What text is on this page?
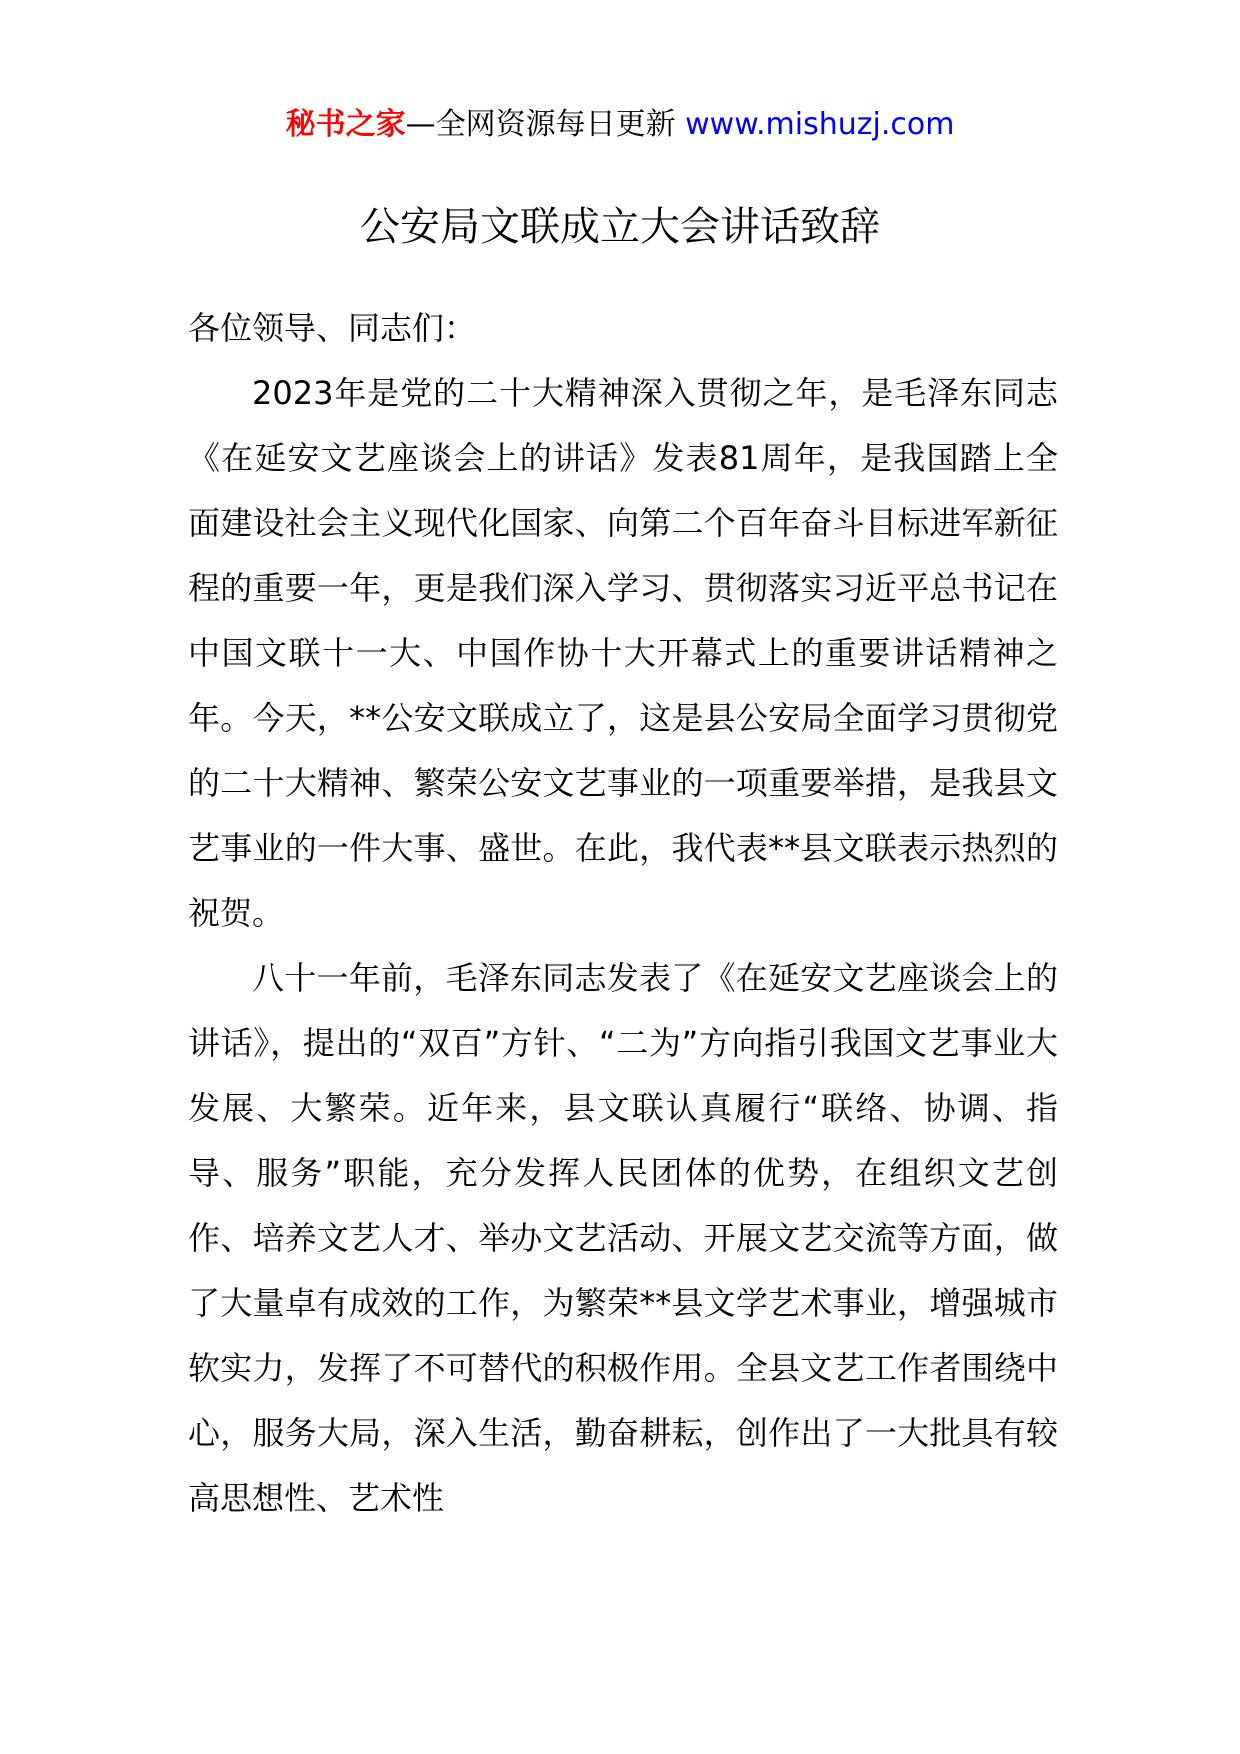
秘书之家—全网资源每日更新 www.mishuzj.com
公安局文联成立大会讲话致辞

各位领导、同志们：

2023年是党的二十大精神深入贯彻之年，是毛泽东同志《在延安文艺座谈会上的讲话》发表81周年，是我国踏上全面建设社会主义现代化国家、向第二个百年奋斗目标进军新征程的重要一年，更是我们深入学习、贯彻落实习近平总书记在中国文联十一大、中国作协十大开幕式上的重要讲话精神之年。今天，**公安文联成立了，这是县公安局全面学习贯彻党的二十大精神、繁荣公安文艺事业的一项重要举措，是我县文艺事业的一件大事、盛世。在此，我代表**县文联表示热烈的祝贺。

八十一年前，毛泽东同志发表了《在延安文艺座谈会上的讲话》，提出的“双百”方针、“二为”方向指引我国文艺事业大发展、大繁荣。近年来，县文联认真履行“联络、协调、指导、服务”职能，充分发挥人民团体的优势，在组织文艺创作、培养文艺人才、举办文艺活动、开展文艺交流等方面，做了大量卓有成效的工作，为繁荣**县文学艺术事业，增强城市软实力，发挥了不可替代的积极作用。全县文艺工作者围绕中心，服务大局，深入生活，勤奋耕耘，创作出了一大批具有较高思想性、艺术性
